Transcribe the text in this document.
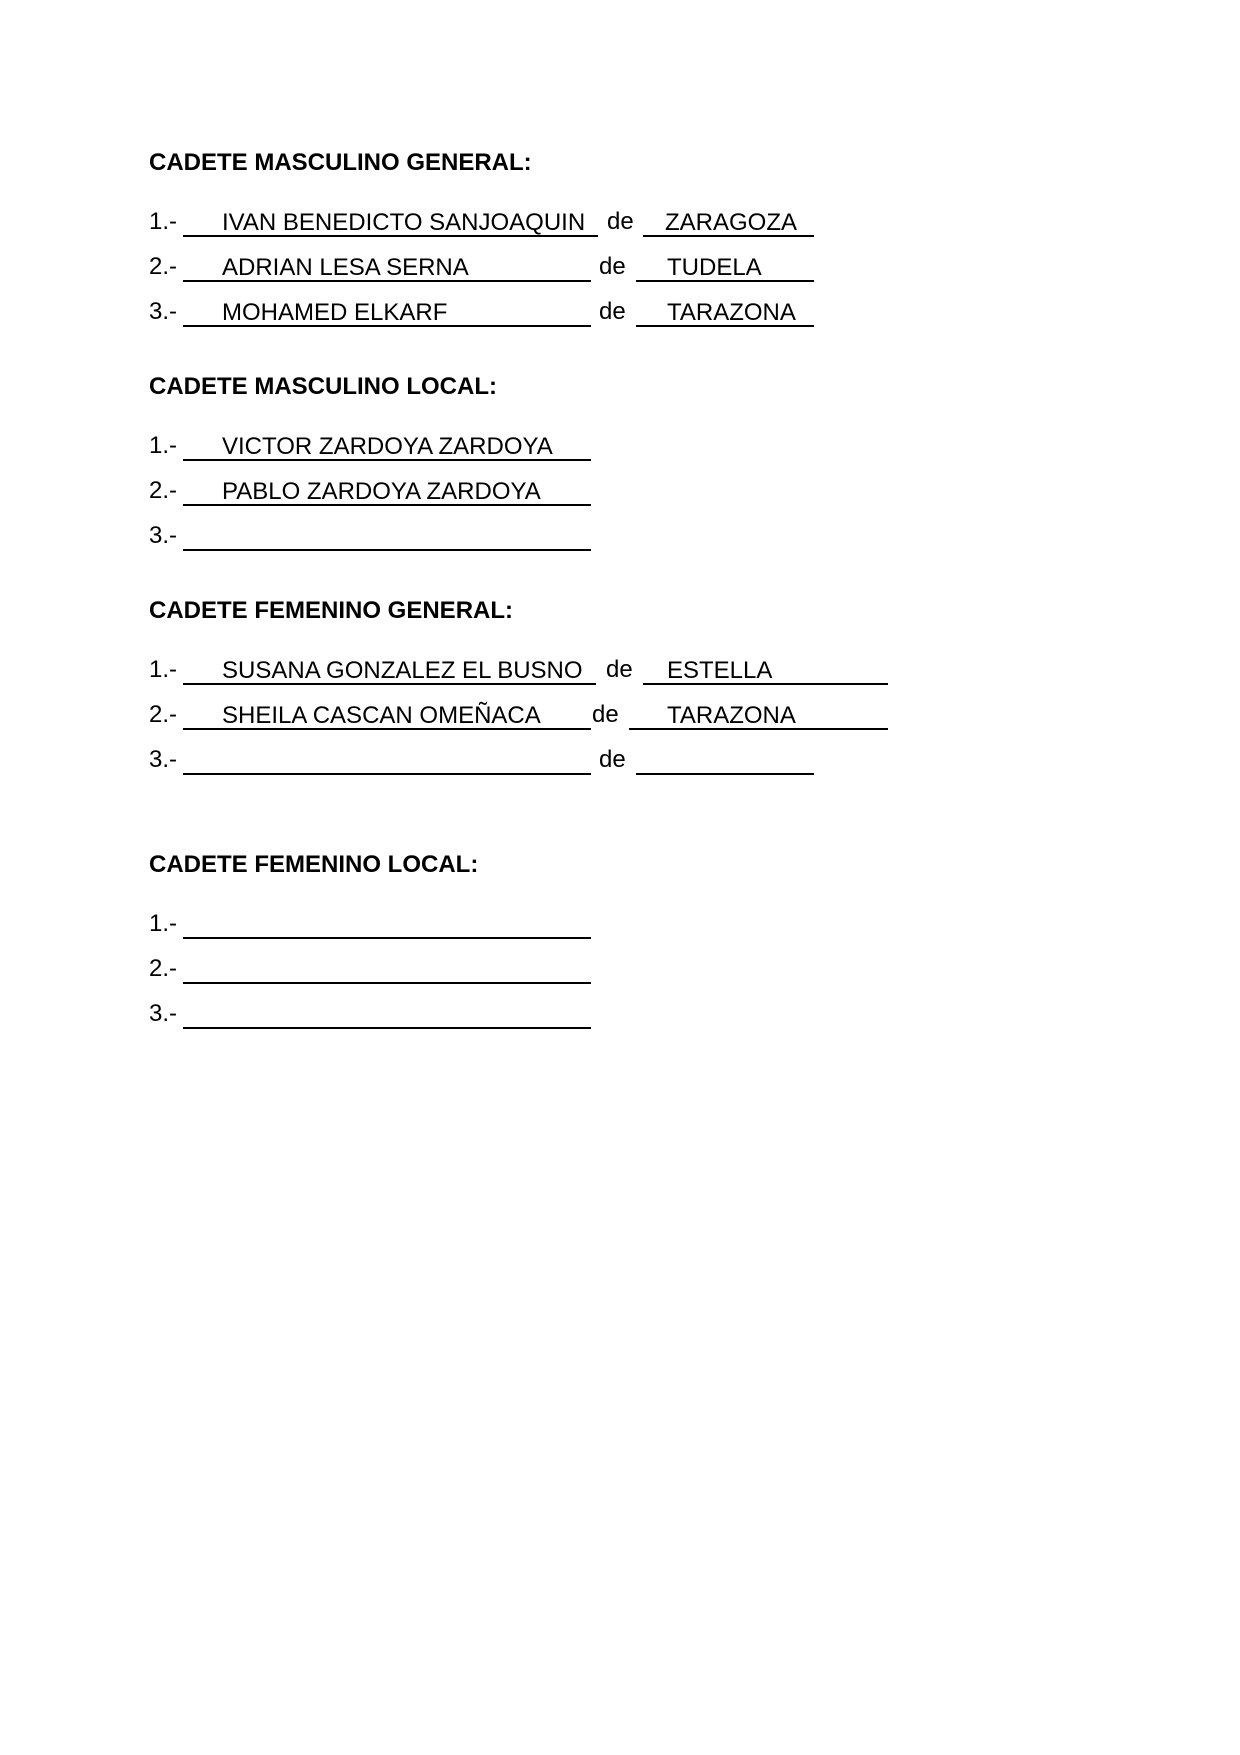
CADETE MASCULINO GENERAL:
1.- IVAN BENEDICTO SANJOAQUIN de ZARAGOZA
2.- ADRIAN LESA SERNA	de TUDELA
3.- MOHAMED ELKARF	de TARAZONA
CADETE MASCULINO LOCAL:
1.- VICTOR ZARDOYA ZARDOYA
2.- PABLO ZARDOYA ZARDOYA
3.-
CADETE FEMENINO GENERAL:
1.- SUSANA GONZALEZ EL BUSNO de ESTELLA
2.- SHEILA CASCAN OMEÑACA de TARAZONA
3.-	de
CADETE FEMENINO LOCAL:
1.-
2.-
3.-
